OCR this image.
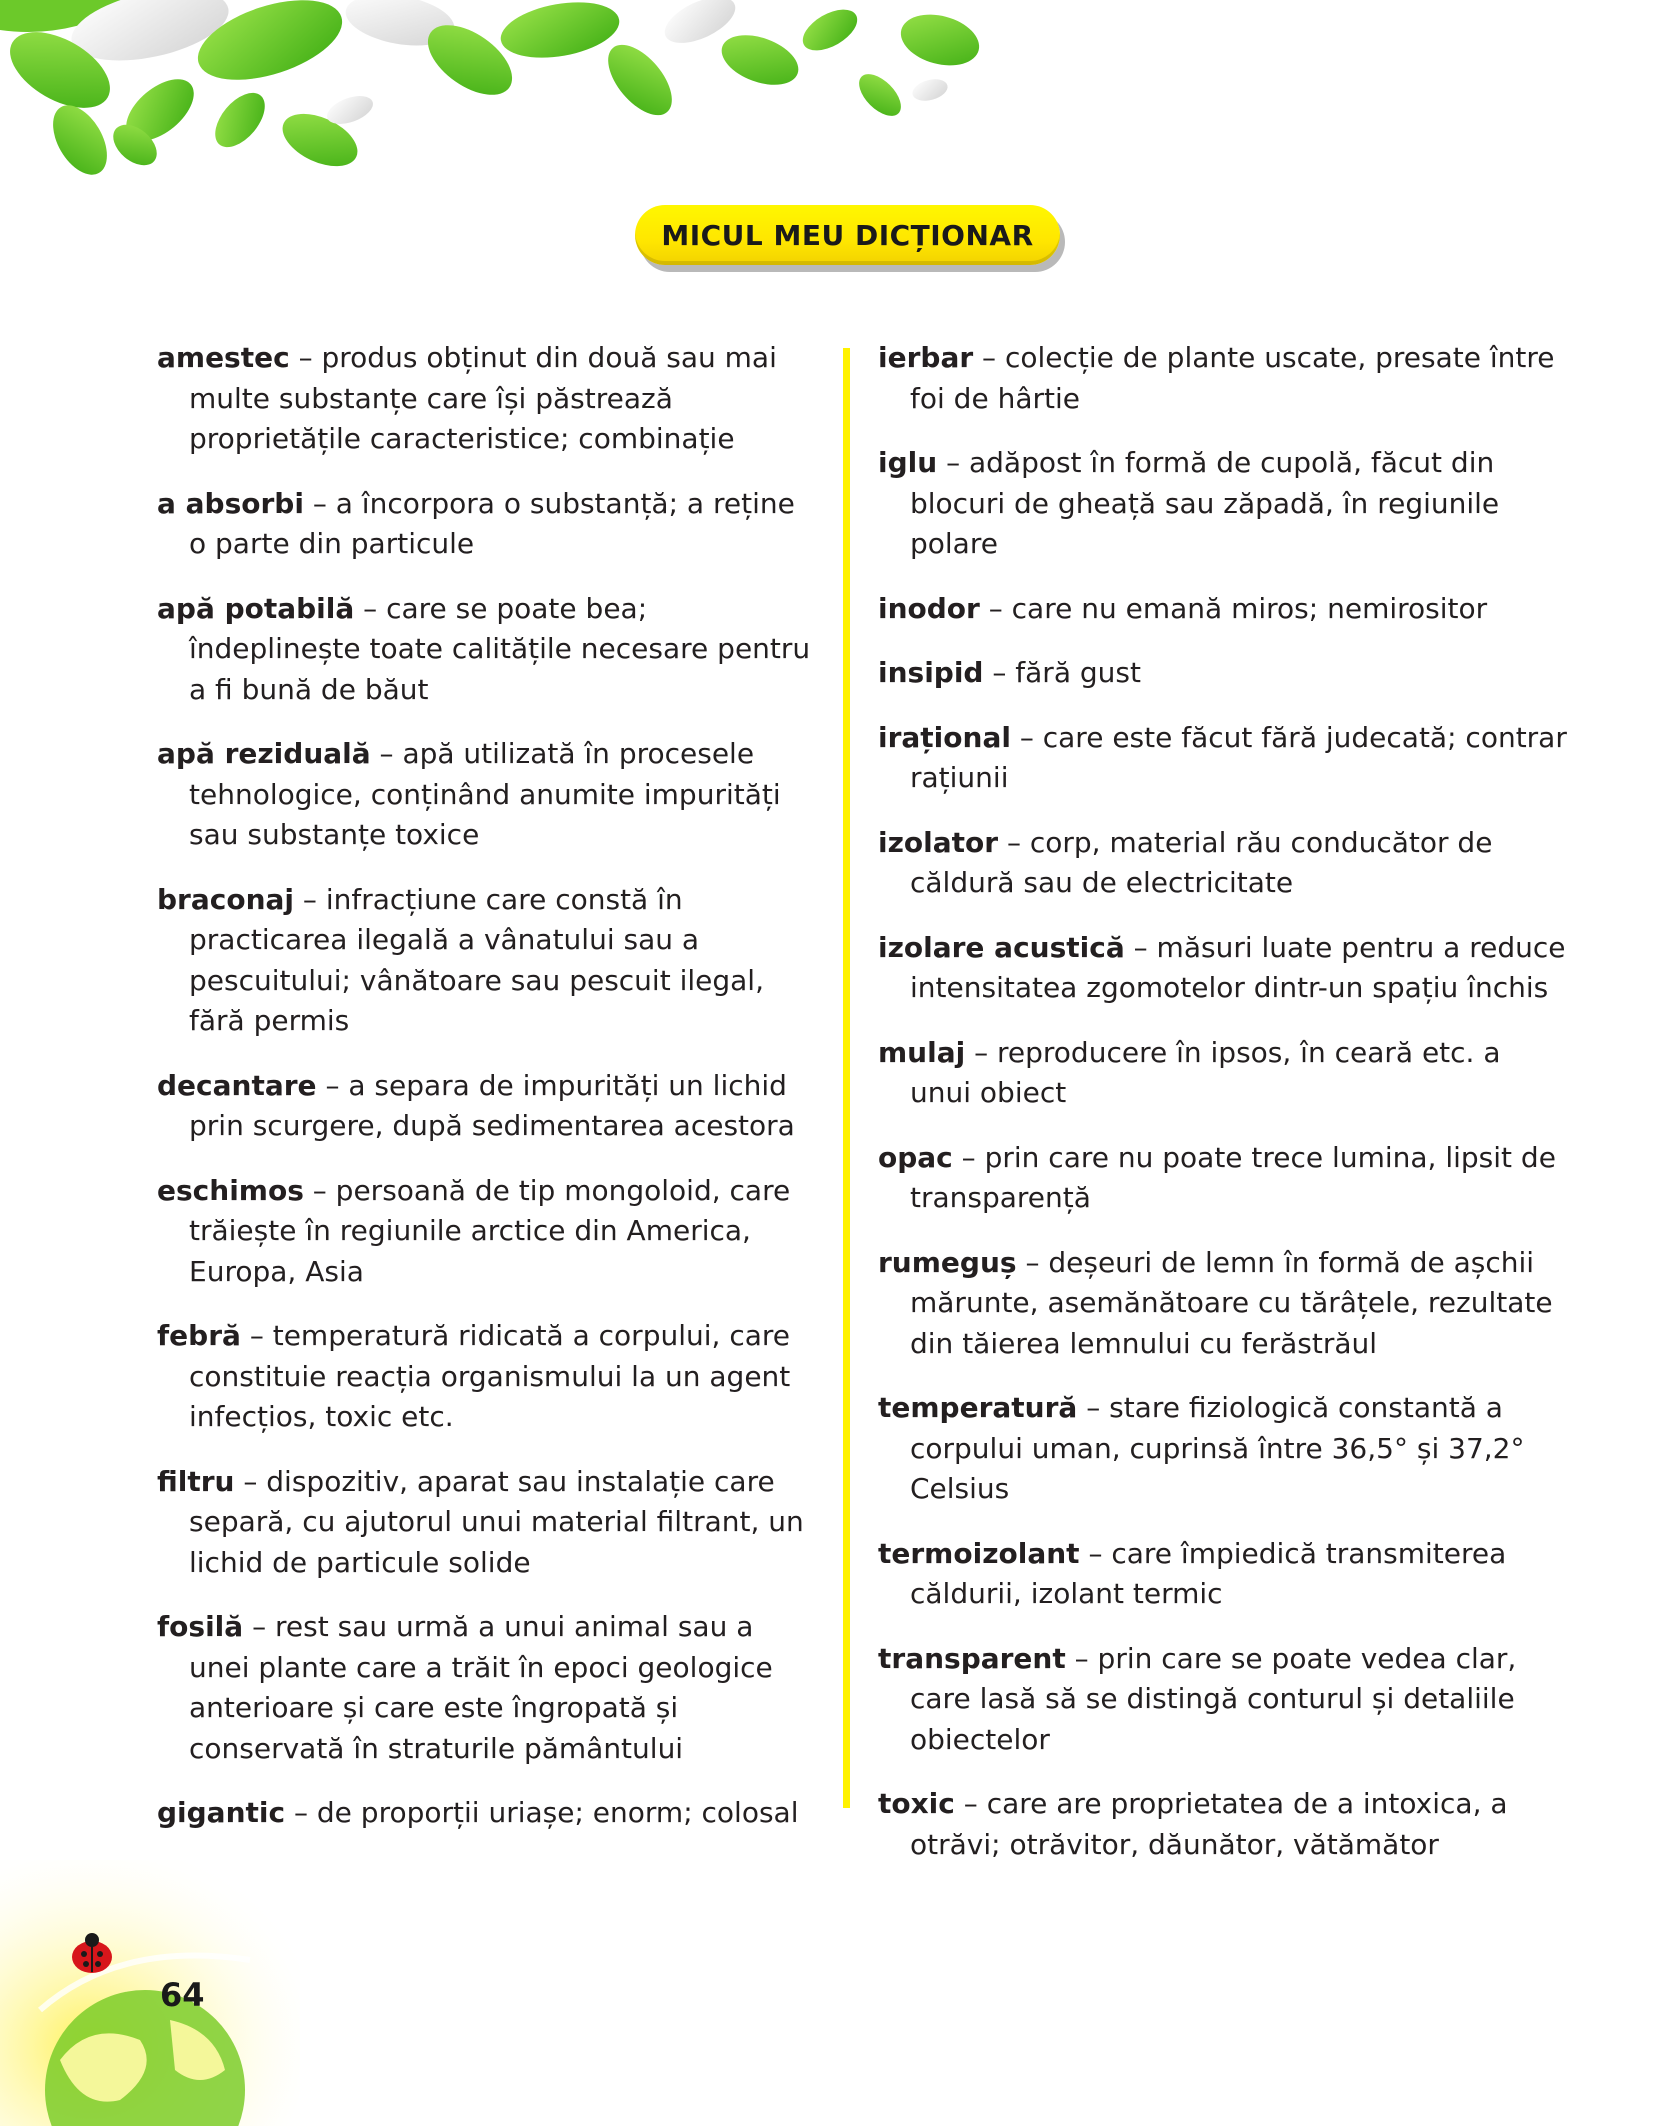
MICUL MEU DICȚIONAR

amestec – produs obținut din două sau mai multe substanțe care își păstrează proprietățile caracteristice; combinație

a absorbi – a încorpora o substanță; a reține o parte din particule

apă potabilă – care se poate bea; îndeplinește toate calitățile necesare pentru a fi bună de băut

apă reziduală – apă utilizată în procesele tehnologice, conținând anumite impurități sau substanțe toxice

braconaj – infracțiune care constă în practicarea ilegală a vânatului sau a pescuitului; vânătoare sau pescuit ilegal, fără permis

decantare – a separa de impurități un lichid prin scurgere, după sedimentarea acestora

eschimos – persoană de tip mongoloid, care trăiește în regiunile arctice din America, Europa, Asia

febră – temperatură ridicată a corpului, care constituie reacția organismului la un agent infecțios, toxic etc.

filtru – dispozitiv, aparat sau instalație care separă, cu ajutorul unui material filtrant, un lichid de particule solide

fosilă – rest sau urmă a unui animal sau a unei plante care a trăit în epoci geologice anterioare și care este îngropată și conservată în straturile pământului

gigantic – de proporții uriașe; enorm; colosal

ierbar – colecție de plante uscate, presate între foi de hârtie

iglu – adăpost în formă de cupolă, făcut din blocuri de gheață sau zăpadă, în regiunile polare

inodor – care nu emană miros; nemirositor

insipid – fără gust

irațional – care este făcut fără judecată; contrar rațiunii

izolator – corp, material rău conducător de căldură sau de electricitate

izolare acustică – măsuri luate pentru a reduce intensitatea zgomotelor dintr-un spațiu închis

mulaj – reproducere în ipsos, în ceară etc. a unui obiect

opac – prin care nu poate trece lumina, lipsit de transparență

rumeguș – deșeuri de lemn în formă de așchii mărunte, asemănătoare cu tărâțele, rezultate din tăierea lemnului cu ferăstrăul

temperatură – stare fiziologică constantă a corpului uman, cuprinsă între 36,5° și 37,2° Celsius

termoizolant – care împiedică transmiterea căldurii, izolant termic

transparent – prin care se poate vedea clar, care lasă să se distingă conturul și detaliile obiectelor

toxic – care are proprietatea de a intoxica, a otrăvi; otrăvitor, dăunător, vătămător

64
